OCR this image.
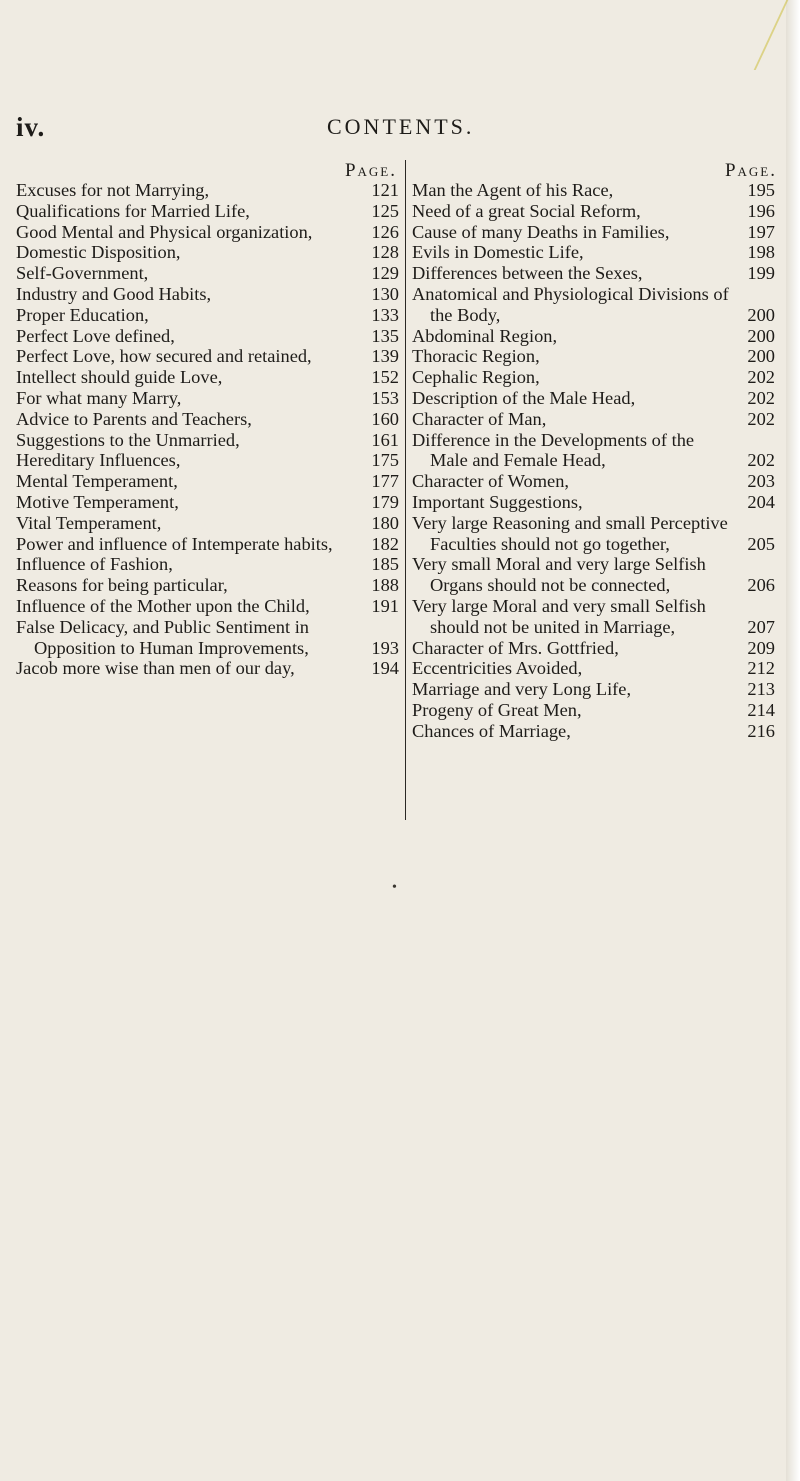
iv.	CONTENTS.
Page.
Excuses for not Marrying,	121
Qualifications for Married Life,	125
Good Mental and Physical organization,	126
Domestic Disposition,	128
Self-Government,	129
Industry and Good Habits,	130
Proper Education,	133
Perfect Love defined,	135
Perfect Love, how secured and retained,	139
Intellect should guide Love,	152
For what many Marry,	153
Advice to Parents and Teachers,	160
Suggestions to the Unmarried,	161
Hereditary Influences,	175
Mental Temperament,	177
Motive Temperament,	179
Vital Temperament,	180
Power and influence of Intemperate habits,	182
Influence of Fashion,	185
Reasons for being particular,	188
Influence of the Mother upon the Child,	191
False Delicacy, and Public Sentiment in Opposition to Human Improvements,	193
Jacob more wise than men of our day,	194
Page.
Man the Agent of his Race,	195
Need of a great Social Reform,	196
Cause of many Deaths in Families,	197
Evils in Domestic Life,	198
Differences between the Sexes,	199
Anatomical and Physiological Divisions of the Body,	200
Abdominal Region,	200
Thoracic Region,	200
Cephalic Region,	202
Description of the Male Head,	202
Character of Man,	202
Difference in the Developments of the Male and Female Head,	202
Character of Women,	203
Important Suggestions,	204
Very large Reasoning and small Perceptive Faculties should not go together,	205
Very small Moral and very large Selfish Organs should not be connected,	206
Very large Moral and very small Selfish should not be united in Marriage,	207
Character of Mrs. Gottfried,	209
Eccentricities Avoided,	212
Marriage and very Long Life,	213
Progeny of Great Men,	214
Chances of Marriage,	216
•
